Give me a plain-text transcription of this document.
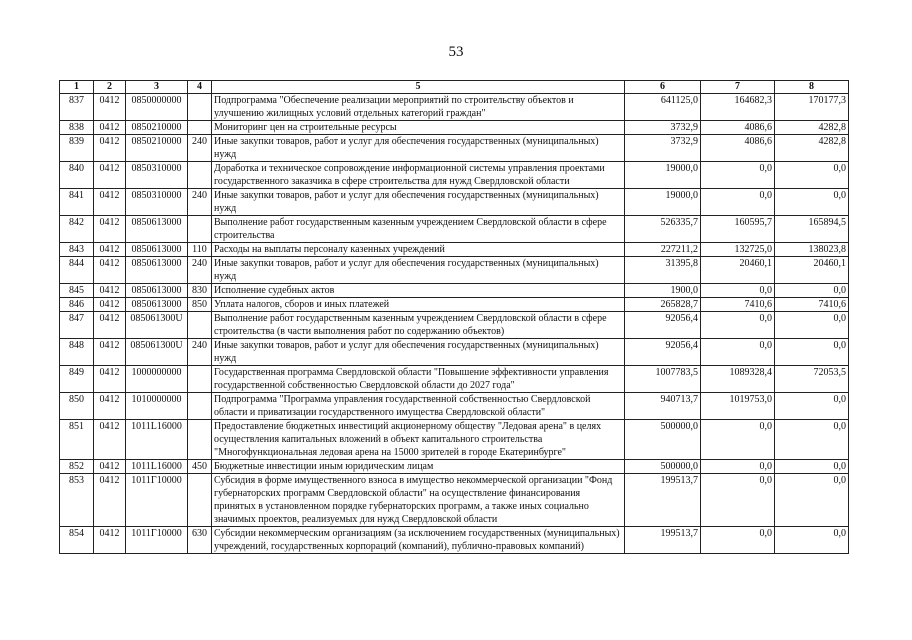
53
1	2	3	4	5	6	7	8
837	0412	0850000000		Подпрограмма "Обеспечение реализации мероприятий по строительству объектов и улучшению жилищных условий отдельных категорий граждан"	641125,0	164682,3	170177,3
838	0412	0850210000		Мониторинг цен на строительные ресурсы	3732,9	4086,6	4282,8
839	0412	0850210000	240	Иные закупки товаров, работ и услуг для обеспечения государственных (муниципальных) нужд	3732,9	4086,6	4282,8
840	0412	0850310000		Доработка и техническое сопровождение информационной системы управления проектами государственного заказчика в сфере строительства для нужд Свердловской области	19000,0	0,0	0,0
841	0412	0850310000	240	Иные закупки товаров, работ и услуг для обеспечения государственных (муниципальных) нужд	19000,0	0,0	0,0
842	0412	0850613000		Выполнение работ государственным казенным учреждением Свердловской области в сфере строительства	526335,7	160595,7	165894,5
843	0412	0850613000	110	Расходы на выплаты персоналу казенных учреждений	227211,2	132725,0	138023,8
844	0412	0850613000	240	Иные закупки товаров, работ и услуг для обеспечения государственных (муниципальных) нужд	31395,8	20460,1	20460,1
845	0412	0850613000	830	Исполнение судебных актов	1900,0	0,0	0,0
846	0412	0850613000	850	Уплата налогов, сборов и иных платежей	265828,7	7410,6	7410,6
847	0412	085061300U		Выполнение работ государственным казенным учреждением Свердловской области в сфере строительства (в части выполнения работ по содержанию объектов)	92056,4	0,0	0,0
848	0412	085061300U	240	Иные закупки товаров, работ и услуг для обеспечения государственных (муниципальных) нужд	92056,4	0,0	0,0
849	0412	1000000000		Государственная программа Свердловской области "Повышение эффективности управления государственной собственностью Свердловской области до 2027 года"	1007783,5	1089328,4	72053,5
850	0412	1010000000		Подпрограмма "Программа управления государственной собственностью Свердловской области и приватизации государственного имущества Свердловской области"	940713,7	1019753,0	0,0
851	0412	1011L16000		Предоставление бюджетных инвестиций акционерному обществу "Ледовая арена" в целях осуществления капитальных вложений в объект капитального строительства "Многофункциональная ледовая арена на 15000 зрителей в городе Екатеринбурге"	500000,0	0,0	0,0
852	0412	1011L16000	450	Бюджетные инвестиции иным юридическим лицам	500000,0	0,0	0,0
853	0412	1011Г10000		Субсидия в форме имущественного взноса в имущество некоммерческой организации "Фонд губернаторских программ Свердловской области" на осуществление финансирования принятых в установленном порядке губернаторских программ, а также иных социально значимых проектов, реализуемых для нужд Свердловской области	199513,7	0,0	0,0
854	0412	1011Г10000	630	Субсидии некоммерческим организациям (за исключением государственных (муниципальных) учреждений, государственных корпораций (компаний), публично-правовых компаний)	199513,7	0,0	0,0
